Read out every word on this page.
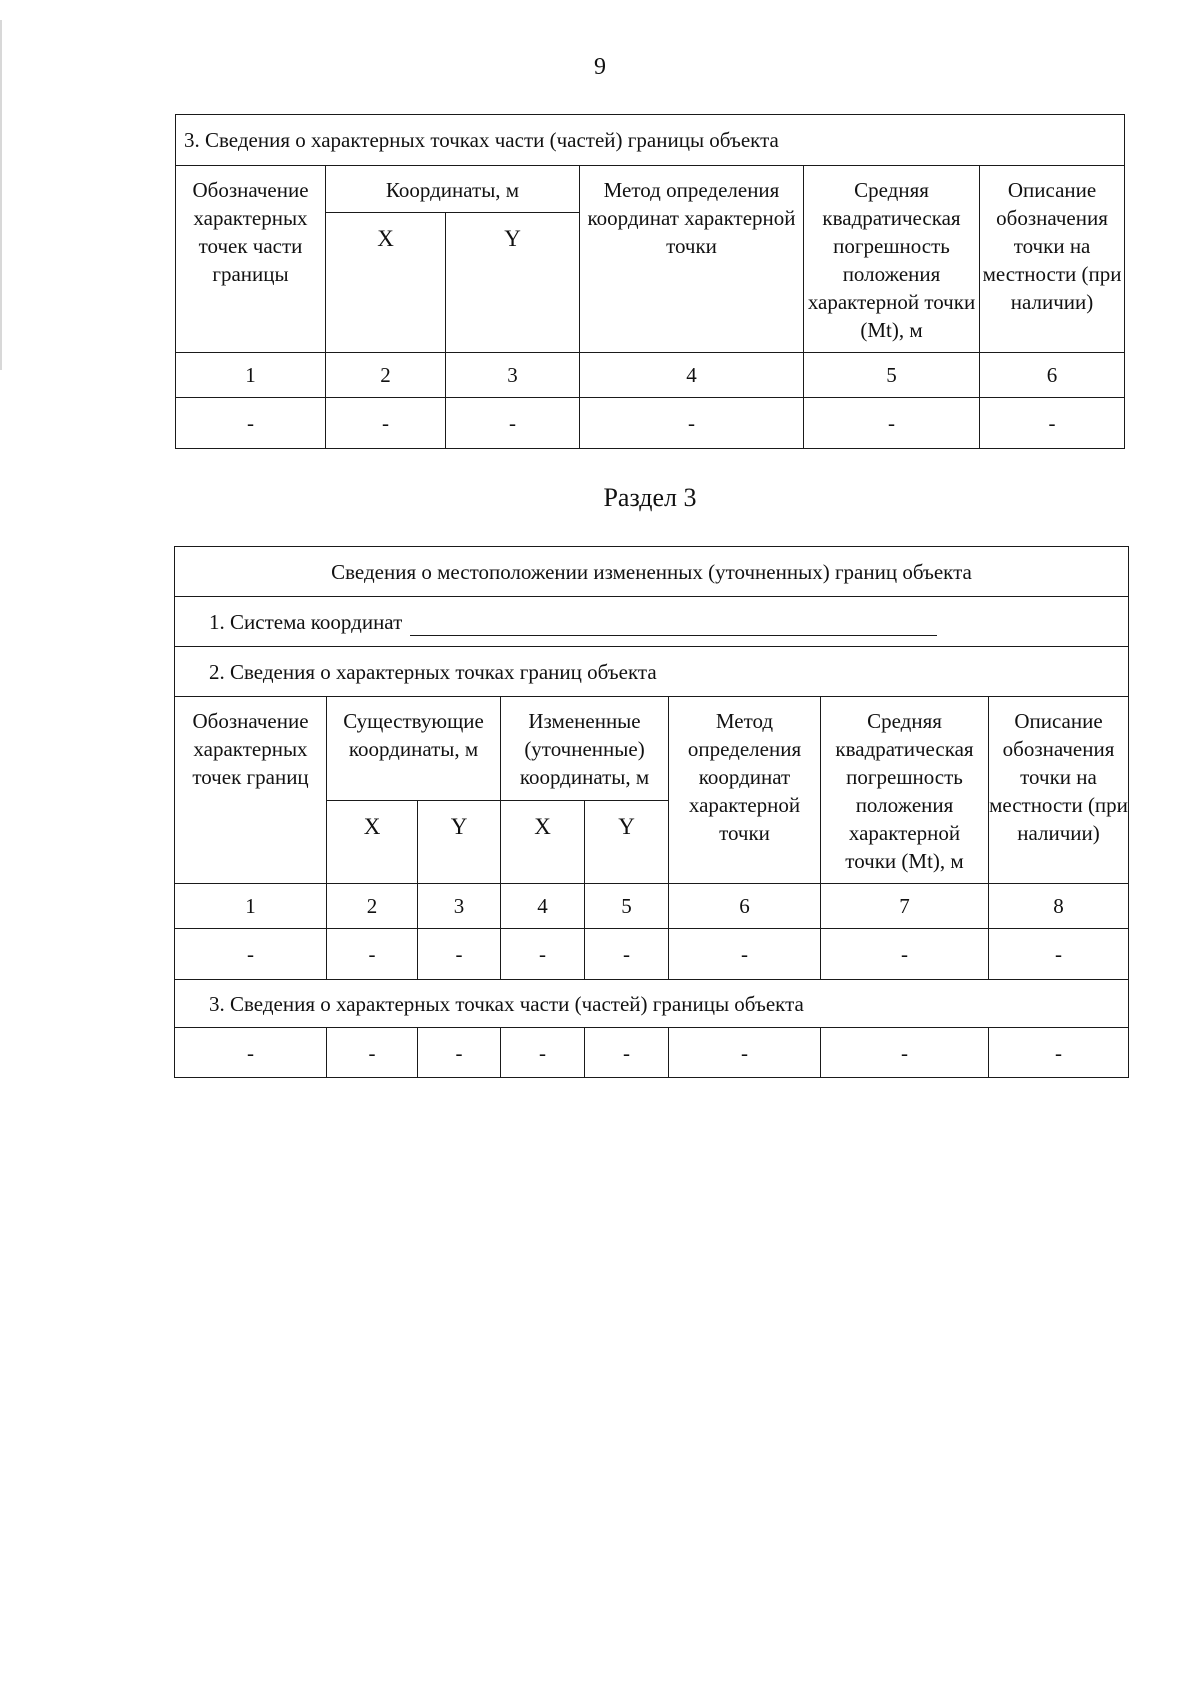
9
3. Сведения о характерных точках части (частей) границы объекта					
Обозначение характерных точек части границы	Координаты, м		Метод определения координат характерной точки	Средняя квадратическая погрешность положения характерной точки (Mt), м	Описание обозначения точки на местности (при наличии)
	X	Y			
1	2	3	4	5	6
-	-	-	-	-	-
Раздел 3
Сведения о местоположении измененных (уточненных) границ объекта							
1. Система координат							
2. Сведения о характерных точках границ объекта							
Обозначение характерных точек границ	Существующие координаты, м		Измененные (уточненные) координаты, м		Метод определения координат характерной точки	Средняя квадратическая погрешность положения характерной точки (Mt), м	Описание обозначения точки на местности (при наличии)
	X	Y	X	Y			
1	2	3	4	5	6	7	8
-	-	-	-	-	-	-	-
3. Сведения о характерных точках части (частей) границы объекта							
-	-	-	-	-	-	-	-
